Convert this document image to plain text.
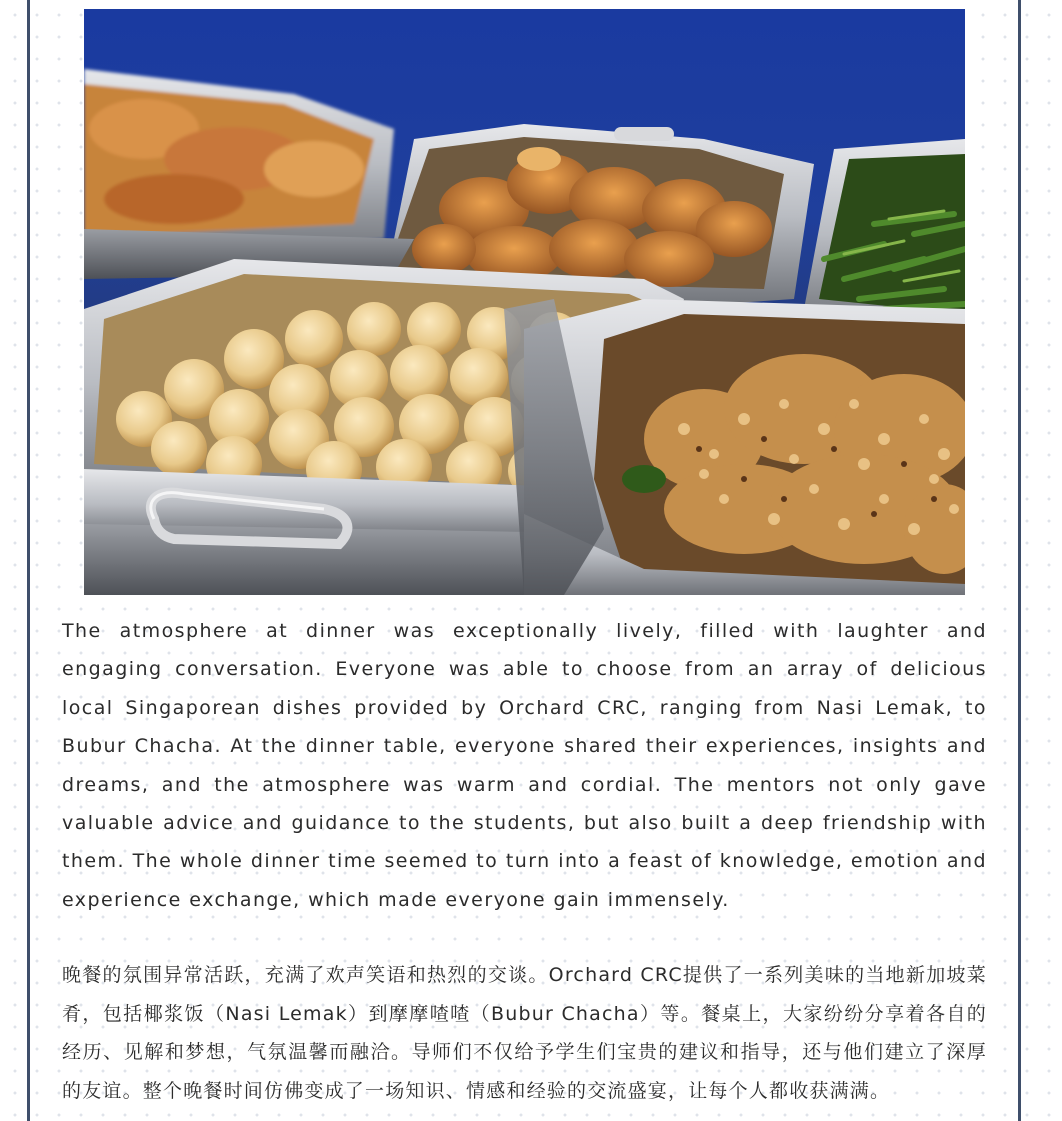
The atmosphere at dinner was exceptionally lively, filled with laughter and engaging conversation. Everyone was able to choose from an array of delicious local Singaporean dishes provided by Orchard CRC, ranging from Nasi Lemak, to Bubur Chacha. At the dinner table, everyone shared their experiences, insights and dreams, and the atmosphere was warm and cordial. The mentors not only gave valuable advice and guidance to the students, but also built a deep friendship with them. The whole dinner time seemed to turn into a feast of knowledge, emotion and experience exchange, which made everyone gain immensely.

晚餐的氛围异常活跃，充满了欢声笑语和热烈的交谈。Orchard CRC提供了一系列美味的当地新加坡菜肴，包括椰浆饭（Nasi Lemak）到摩摩喳喳（Bubur Chacha）等。餐桌上，大家纷纷分享着各自的经历、见解和梦想，气氛温馨而融洽。导师们不仅给予学生们宝贵的建议和指导，还与他们建立了深厚的友谊。整个晚餐时间仿佛变成了一场知识、情感和经验的交流盛宴，让每个人都收获满满。
